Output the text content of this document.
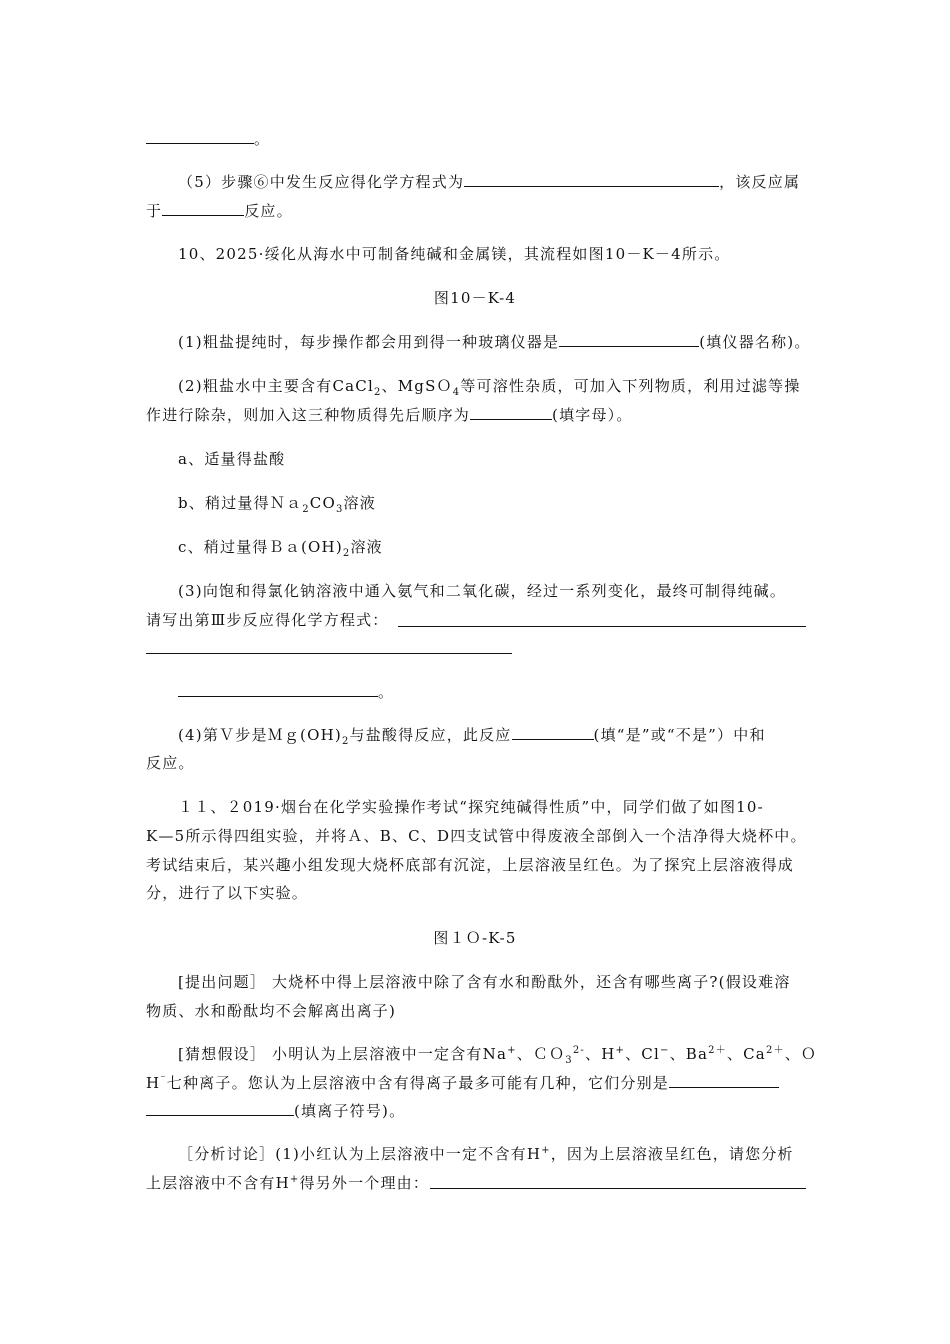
。
（5）步骤⑥中发生反应得化学方程式为	，该反应属
于	反应。
10、2025·绥化从海水中可制备纯碱和金属镁，其流程如图10－K－4所示。
图10－K-4
(1)粗盐提纯时，每步操作都会用到得一种玻璃仪器是	(填仪器名称)。
(2)粗盐水中主要含有CaCl$_2$、MgSＯ$_4$等可溶性杂质，可加入下列物质，利用过滤等操
作进行除杂，则加入这三种物质得先后顺序为	(填字母）。
a、适量得盐酸
b、稍过量得$Na_2CO_3$溶液
c、稍过量得$Ba(OH)_2$溶液
(3)向饱和得氯化钠溶液中通入氨气和二氧化碳，经过一系列变化，最终可制得纯碱。
请写出第Ⅲ步反应得化学方程式：
。
(4)第Ｖ步是$Mg(OH)_2$与盐酸得反应，此反应	(填“是”或“不是”）中和
反应。
１１、２019·烟台在化学实验操作考试“探究纯碱得性质”中，同学们做了如图10-
K—5所示得四组实验，并将Ａ、B、C、D四支试管中得废液全部倒入一个洁净得大烧杯中。
考试结束后，某兴趣小组发现大烧杯底部有沉淀，上层溶液呈红色。为了探究上层溶液得成
分，进行了以下实验。
图１Ｏ-K-5
[提出问题］ 大烧杯中得上层溶液中除了含有水和酚酞外，还含有哪些离子?(假设难溶
物质、水和酚酞均不会解离出离子)
[猜想假设］ 小明认为上层溶液中一定含有Na+、ＣＯ$_3^{2-}$、H+、Cl−、$Ba^{2+}$、$Ca^{2+}$、Ｏ
H⁻七种离子。您认为上层溶液中含有得离子最多可能有几种，它们分别是
(填离子符号)。
［分析讨论］(1)小红认为上层溶液中一定不含有H+，因为上层溶液呈红色，请您分析
上层溶液中不含有H+得另外一个理由：
